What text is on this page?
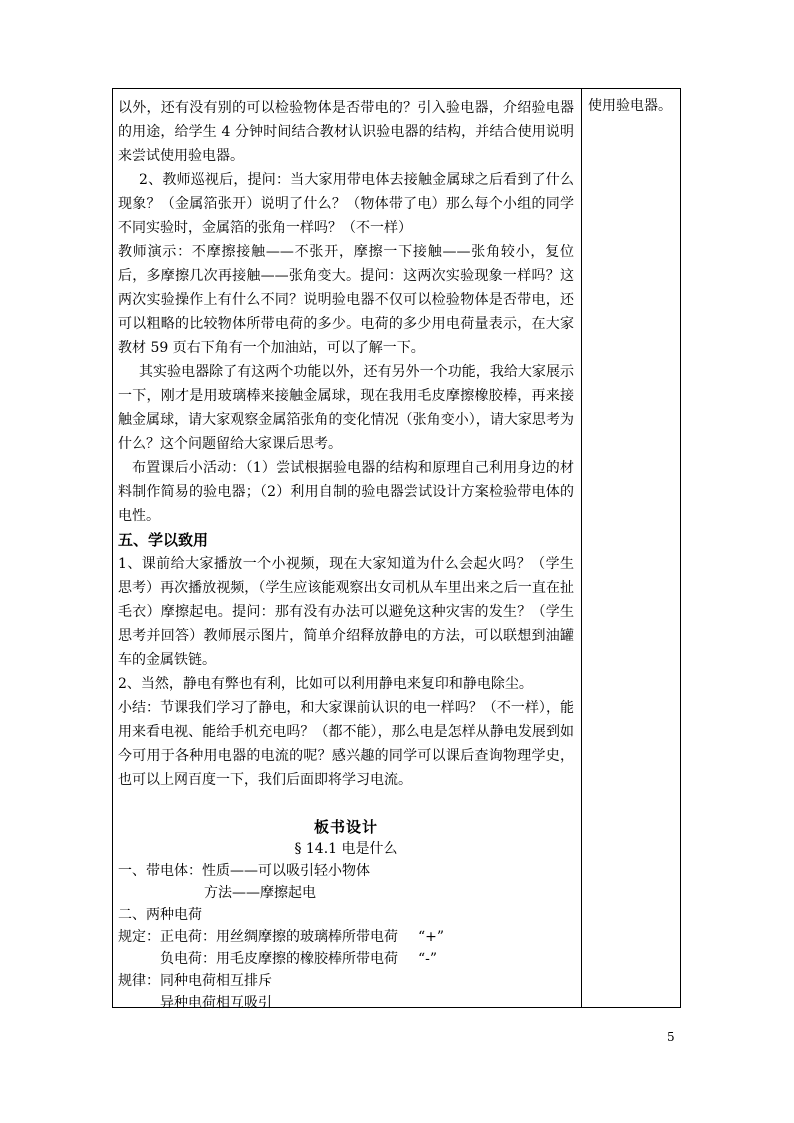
使用验电器。

以外，还有没有别的可以检验物体是否带电的？引入验电器，介绍验电器的用途，给学生 4 分钟时间结合教材认识验电器的结构，并结合使用说明来尝试使用验电器。

2、教师巡视后，提问：当大家用带电体去接触金属球之后看到了什么现象？（金属箔张开）说明了什么？（物体带了电）那么每个小组的同学不同实验时，金属箔的张角一样吗？（不一样）

教师演示：不摩擦接触——不张开，摩擦一下接触——张角较小，复位后，多摩擦几次再接触——张角变大。提问：这两次实验现象一样吗？这两次实验操作上有什么不同？说明验电器不仅可以检验物体是否带电，还可以粗略的比较物体所带电荷的多少。电荷的多少用电荷量表示，在大家教材 59 页右下角有一个加油站，可以了解一下。

其实验电器除了有这两个功能以外，还有另外一个功能，我给大家展示一下，刚才是用玻璃棒来接触金属球，现在我用毛皮摩擦橡胶棒，再来接触金属球，请大家观察金属箔张角的变化情况（张角变小），请大家思考为什么？这个问题留给大家课后思考。

布置课后小活动：（1）尝试根据验电器的结构和原理自己利用身边的材料制作简易的验电器；（2）利用自制的验电器尝试设计方案检验带电体的电性。

五、学以致用

1、课前给大家播放一个小视频，现在大家知道为什么会起火吗？（学生思考）再次播放视频，（学生应该能观察出女司机从车里出来之后一直在扯毛衣）摩擦起电。提问：那有没有办法可以避免这种灾害的发生？（学生思考并回答）教师展示图片，简单介绍释放静电的方法，可以联想到油罐车的金属铁链。

2、当然，静电有弊也有利，比如可以利用静电来复印和静电除尘。

小结：节课我们学习了静电，和大家课前认识的电一样吗？（不一样），能用来看电视、能给手机充电吗？（都不能），那么电是怎样从静电发展到如今可用于各种用电器的电流的呢？感兴趣的同学可以课后查询物理学史，也可以上网百度一下，我们后面即将学习电流。

板书设计
§ 14.1 电是什么
一、带电体：性质——可以吸引轻小物体
方法——摩擦起电
二、两种电荷
规定：正电荷：用丝绸摩擦的玻璃棒所带电荷 “+”
负电荷：用毛皮摩擦的橡胶棒所带电荷 “-”
规律：同种电荷相互排斥
异种电荷相互吸引
5
